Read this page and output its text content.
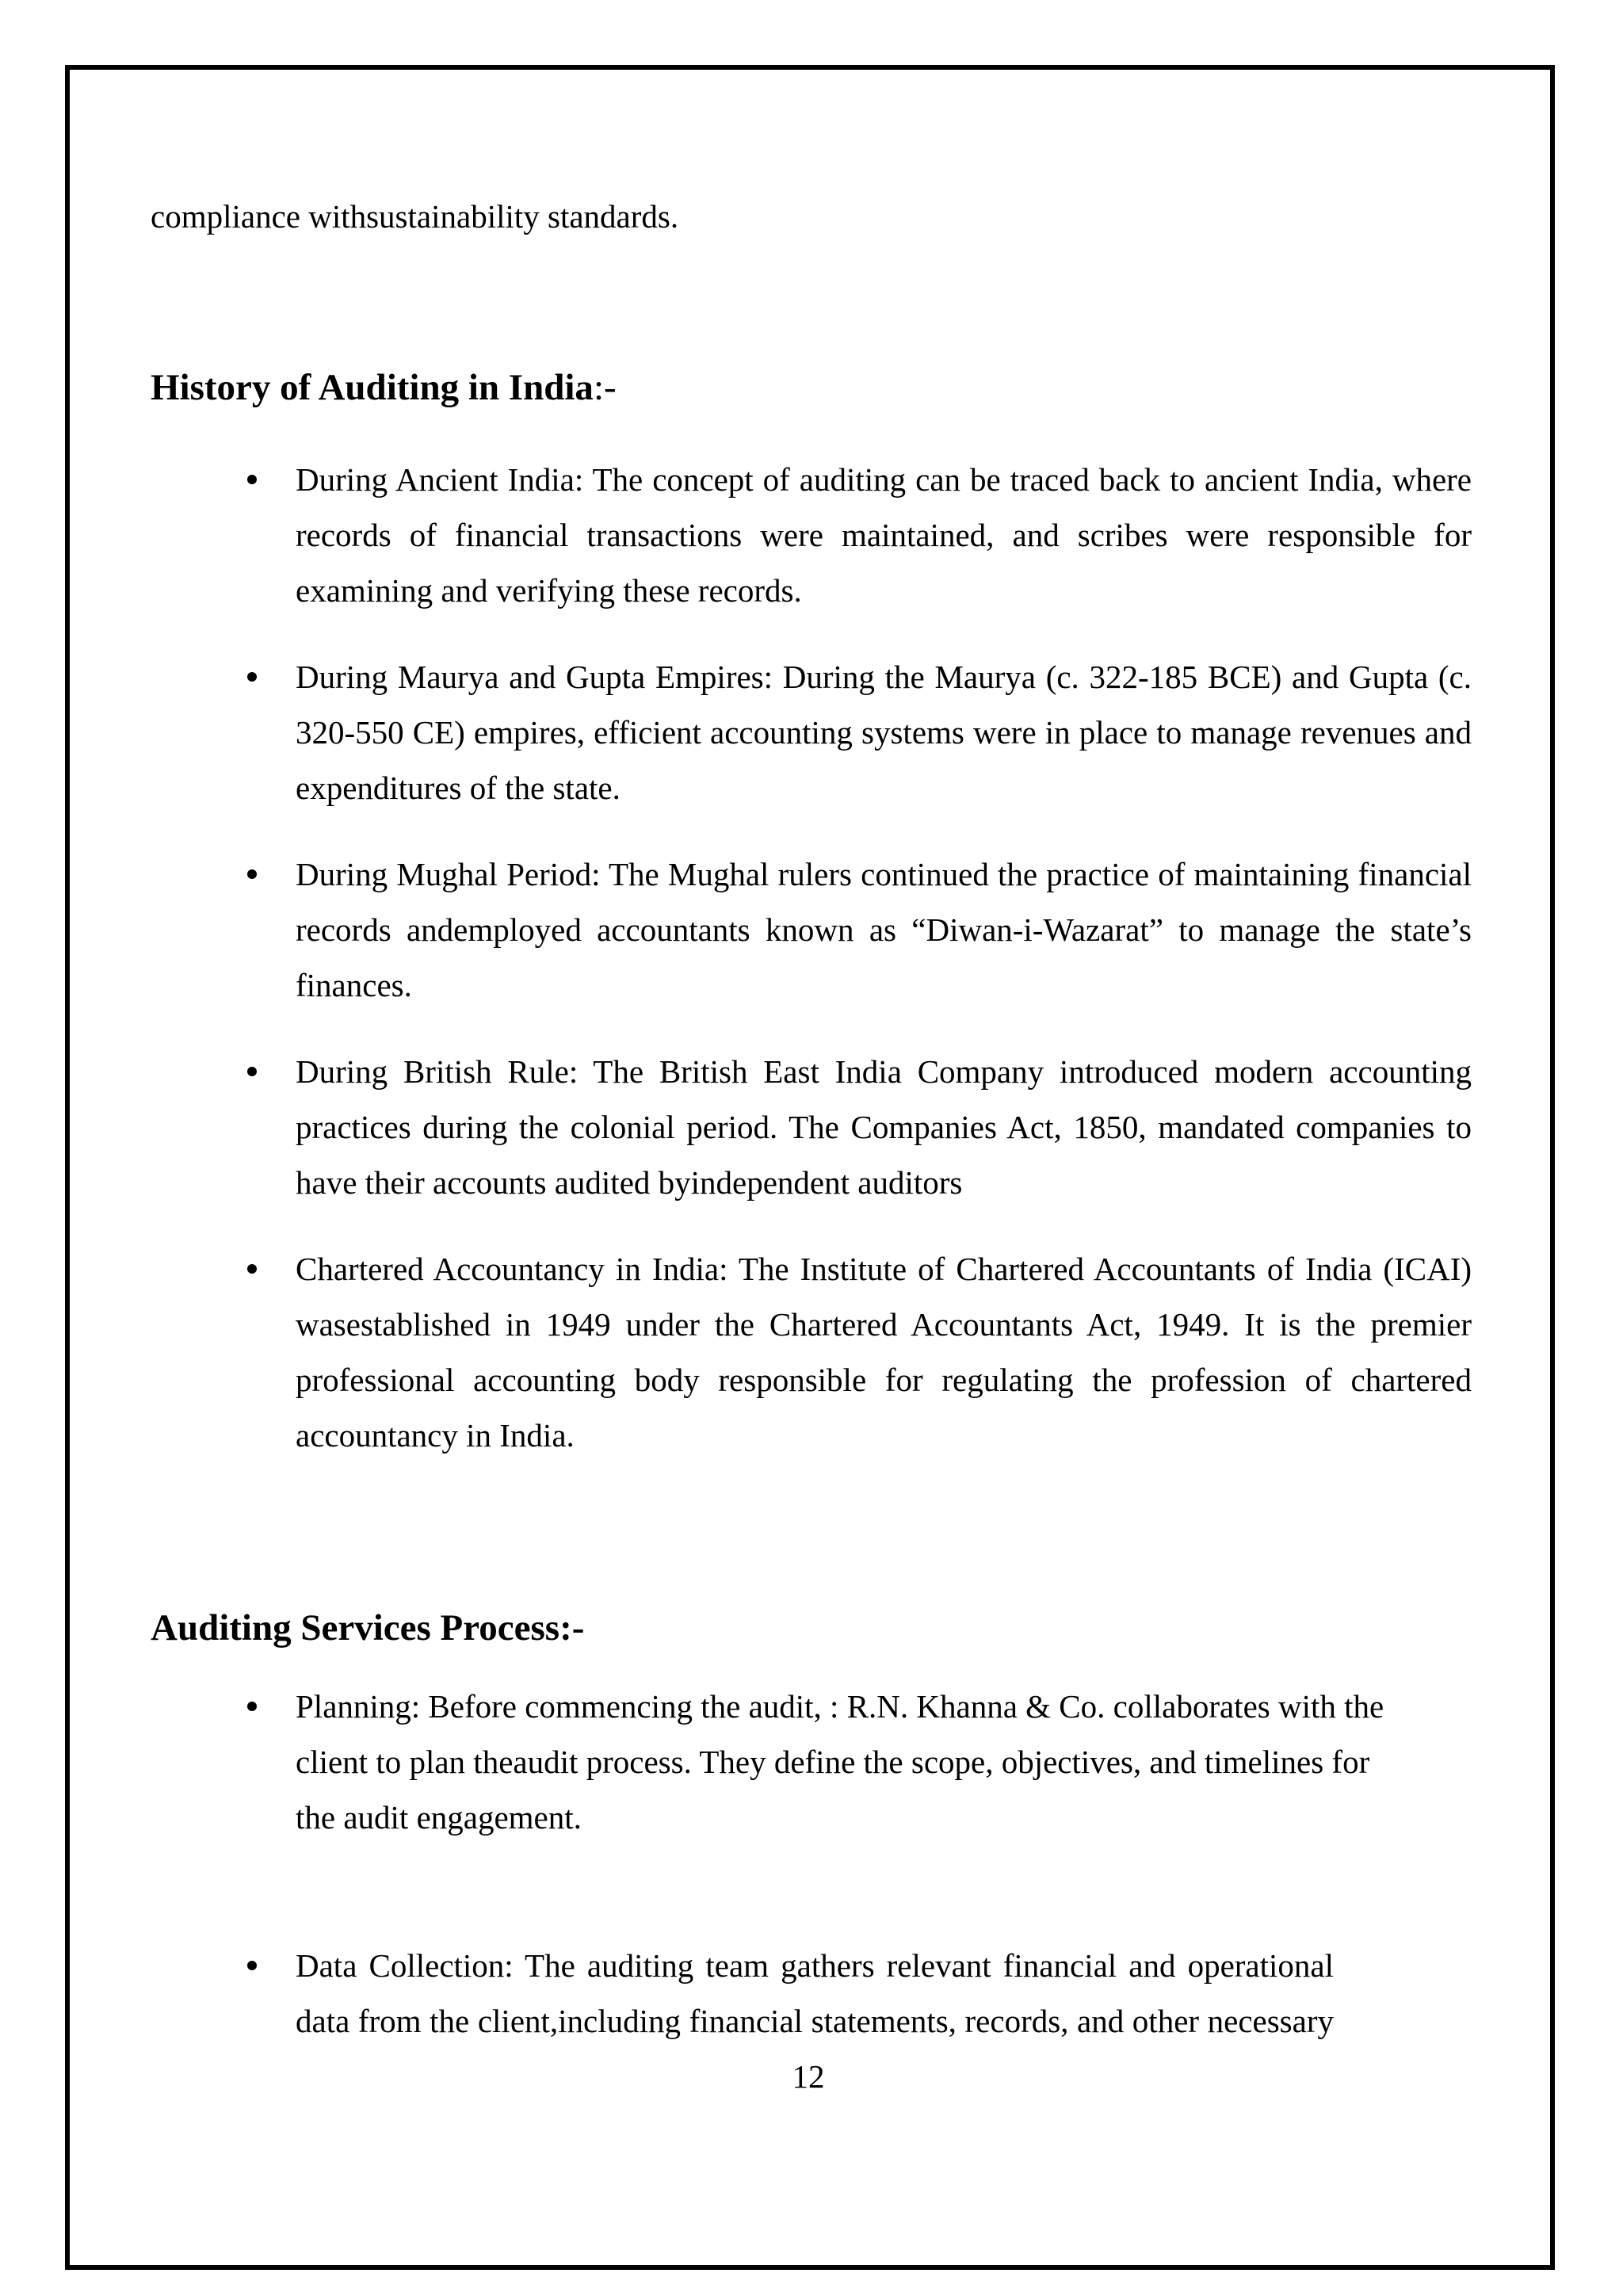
compliance withsustainability standards.
History of Auditing in India:-
During Ancient India: The concept of auditing can be traced back to ancient India, where records of financial transactions were maintained, and scribes were responsible for examining and verifying these records.
During Maurya and Gupta Empires: During the Maurya (c. 322-185 BCE) and Gupta (c. 320-550 CE) empires, efficient accounting systems were in place to manage revenues and expenditures of the state.
During Mughal Period: The Mughal rulers continued the practice of maintaining financial records andemployed accountants known as “Diwan-i-Wazarat” to manage the state’s finances.
During British Rule: The British East India Company introduced modern accounting practices during the colonial period. The Companies Act, 1850, mandated companies to have their accounts audited byindependent auditors
Chartered Accountancy in India: The Institute of Chartered Accountants of India (ICAI) wasestablished in 1949 under the Chartered Accountants Act, 1949. It is the premier professional accounting body responsible for regulating the profession of chartered accountancy in India.
Auditing Services Process:-
Planning: Before commencing the audit, : R.N. Khanna & Co. collaborates with the client to plan theaudit process. They define the scope, objectives, and timelines for the audit engagement.
Data Collection: The auditing team gathers relevant financial and operational data from the client,including financial statements, records, and other necessary
12
